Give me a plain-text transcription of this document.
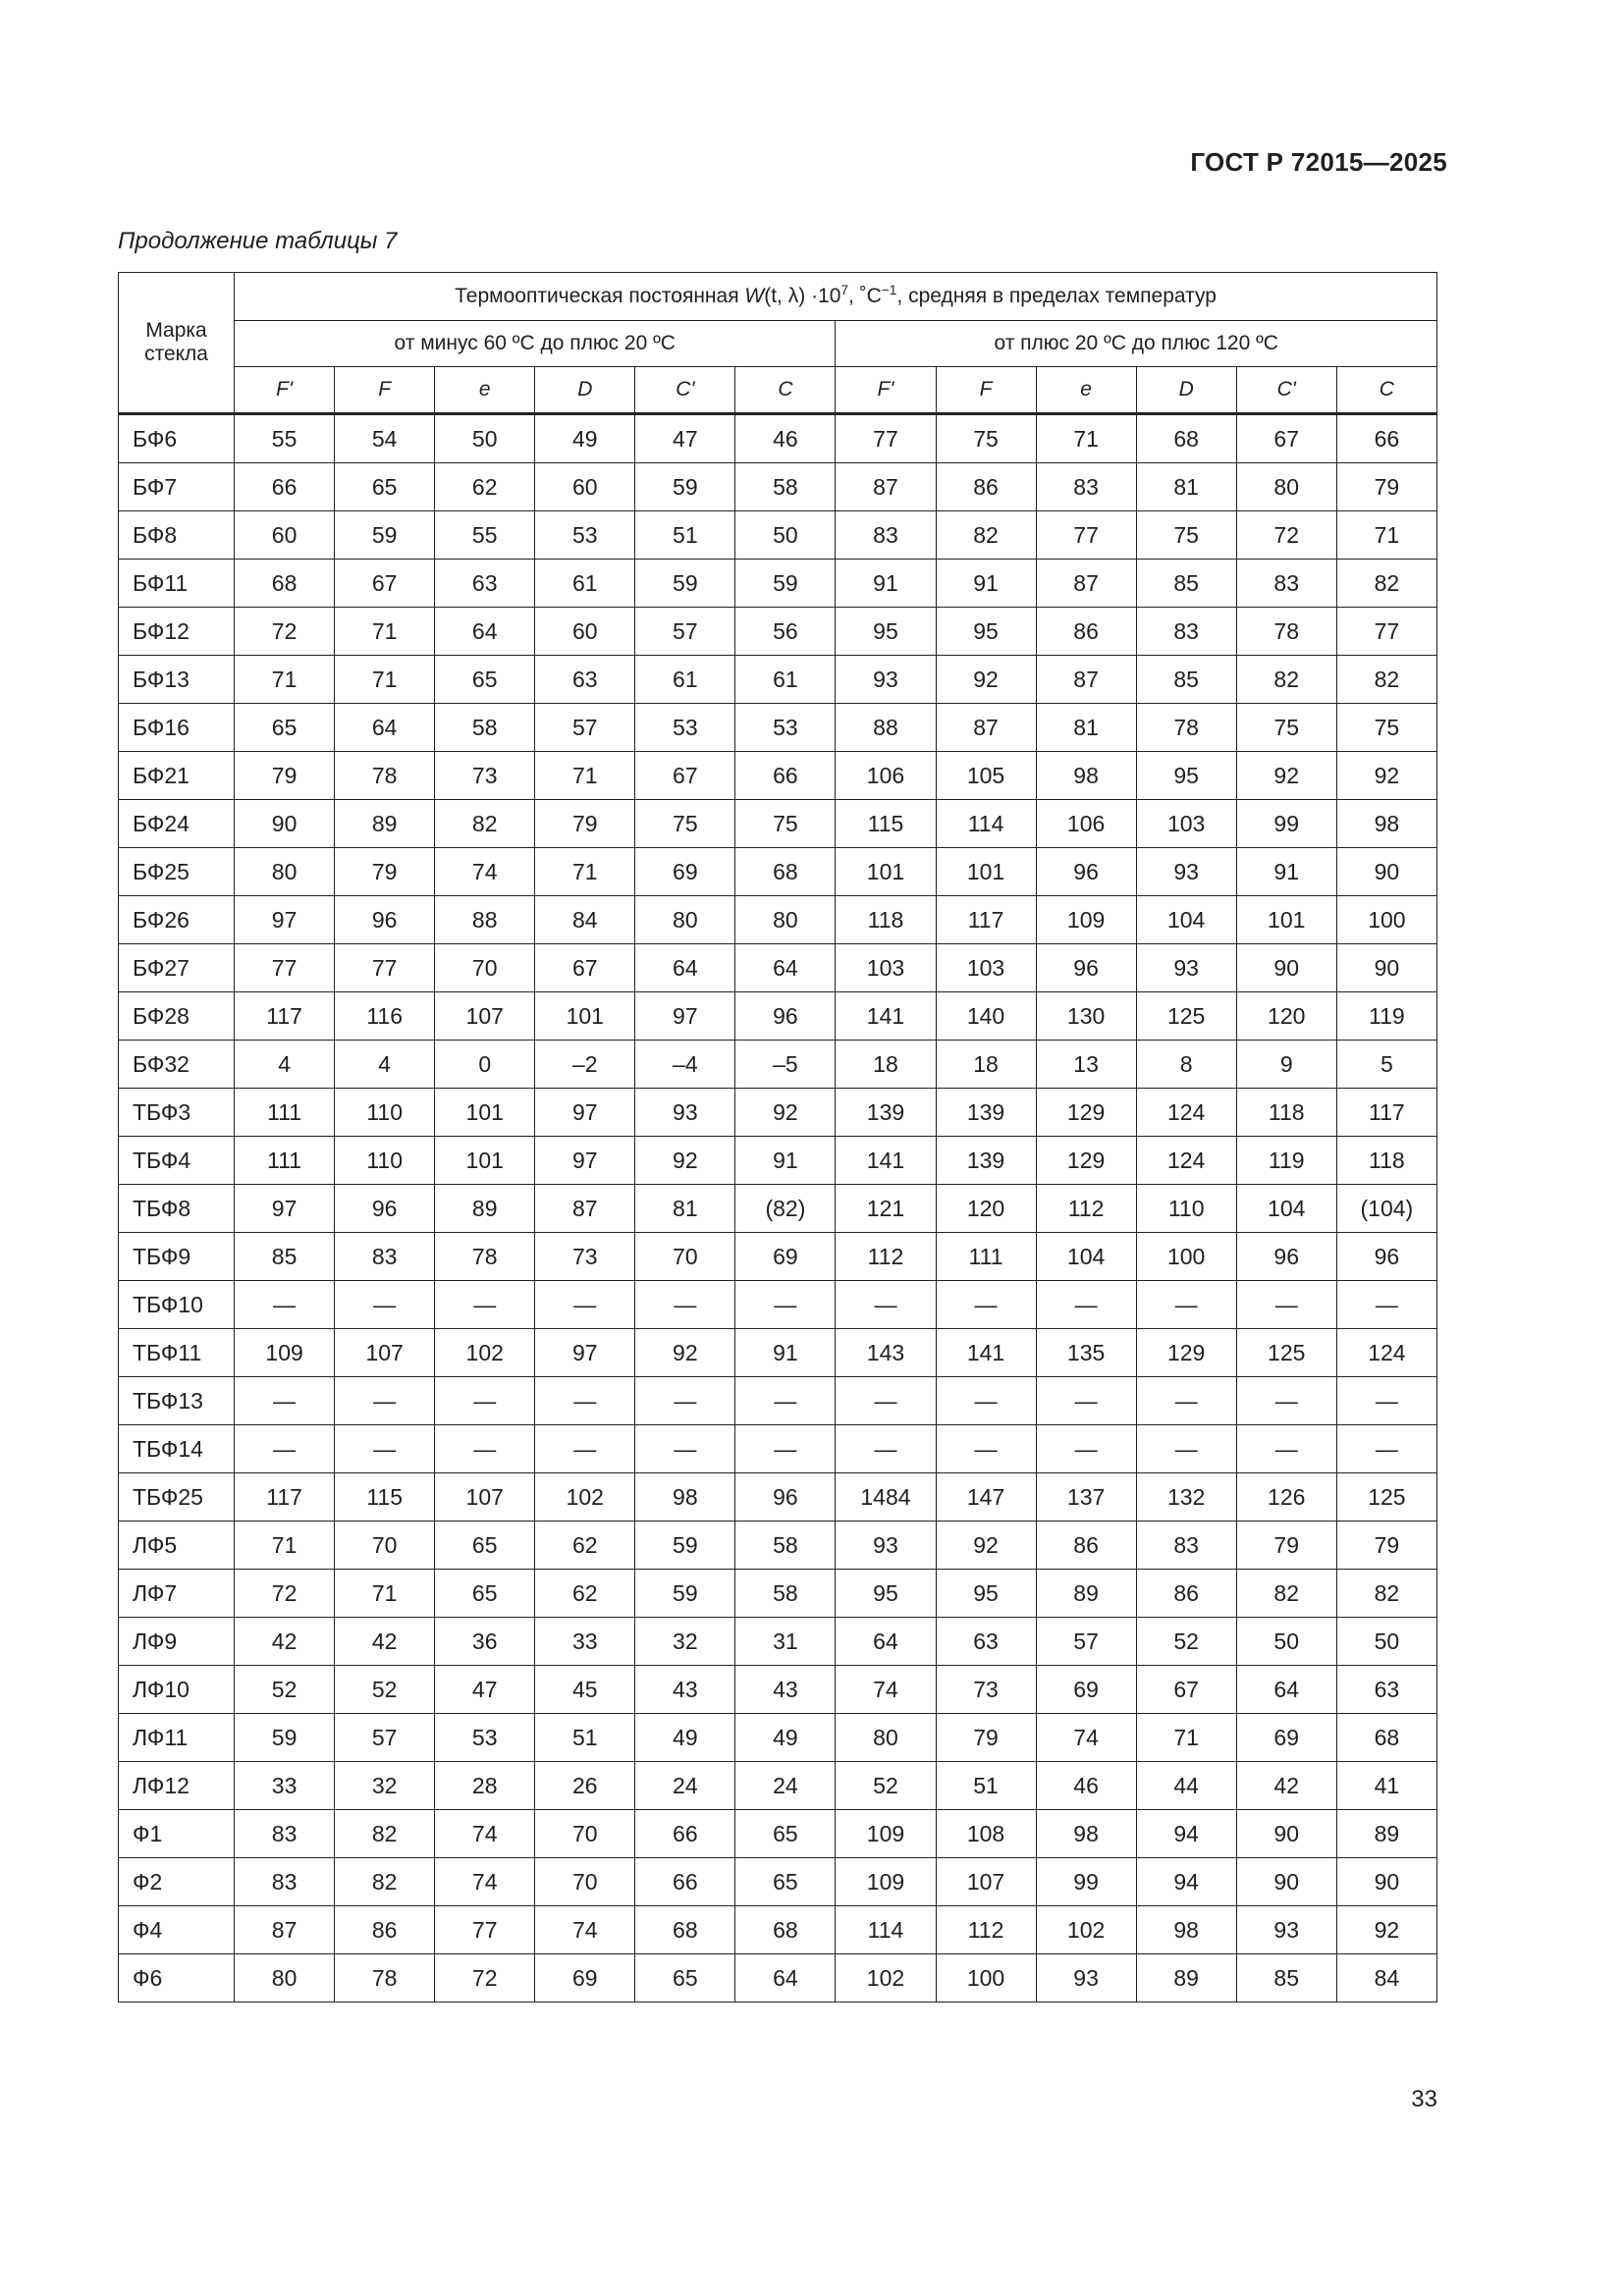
ГОСТ Р 72015—2025
Продолжение таблицы 7
Марка стекла	Термооптическая постоянная W(t, $\lambda) \cdot 10^7$, $˚C^{-1}$, средняя в пределах температур											
	от минус 60 ºC до плюс 20 ºC						от плюс 20 ºC до плюс 120 ºC					
	F'	F	e	D	C'	C	F'	F	e	D	C'	C
БФ6	55	54	50	49	47	46	77	75	71	68	67	66
БФ7	66	65	62	60	59	58	87	86	83	81	80	79
БФ8	60	59	55	53	51	50	83	82	77	75	72	71
БФ11	68	67	63	61	59	59	91	91	87	85	83	82
БФ12	72	71	64	60	57	56	95	95	86	83	78	77
БФ13	71	71	65	63	61	61	93	92	87	85	82	82
БФ16	65	64	58	57	53	53	88	87	81	78	75	75
БФ21	79	78	73	71	67	66	106	105	98	95	92	92
БФ24	90	89	82	79	75	75	115	114	106	103	99	98
БФ25	80	79	74	71	69	68	101	101	96	93	91	90
БФ26	97	96	88	84	80	80	118	117	109	104	101	100
БФ27	77	77	70	67	64	64	103	103	96	93	90	90
БФ28	117	116	107	101	97	96	141	140	130	125	120	119
БФ32	4	4	0	–2	–4	–5	18	18	13	8	9	5
ТБФ3	111	110	101	97	93	92	139	139	129	124	118	117
ТБФ4	111	110	101	97	92	91	141	139	129	124	119	118
ТБФ8	97	96	89	87	81	(82)	121	120	112	110	104	(104)
ТБФ9	85	83	78	73	70	69	112	111	104	100	96	96
ТБФ10	—	—	—	—	—	—	—	—	—	—	—	—
ТБФ11	109	107	102	97	92	91	143	141	135	129	125	124
ТБФ13	—	—	—	—	—	—	—	—	—	—	—	—
ТБФ14	—	—	—	—	—	—	—	—	—	—	—	—
ТБФ25	117	115	107	102	98	96	1484	147	137	132	126	125
ЛФ5	71	70	65	62	59	58	93	92	86	83	79	79
ЛФ7	72	71	65	62	59	58	95	95	89	86	82	82
ЛФ9	42	42	36	33	32	31	64	63	57	52	50	50
ЛФ10	52	52	47	45	43	43	74	73	69	67	64	63
ЛФ11	59	57	53	51	49	49	80	79	74	71	69	68
ЛФ12	33	32	28	26	24	24	52	51	46	44	42	41
Ф1	83	82	74	70	66	65	109	108	98	94	90	89
Ф2	83	82	74	70	66	65	109	107	99	94	90	90
Ф4	87	86	77	74	68	68	114	112	102	98	93	92
Ф6	80	78	72	69	65	64	102	100	93	89	85	84
33
